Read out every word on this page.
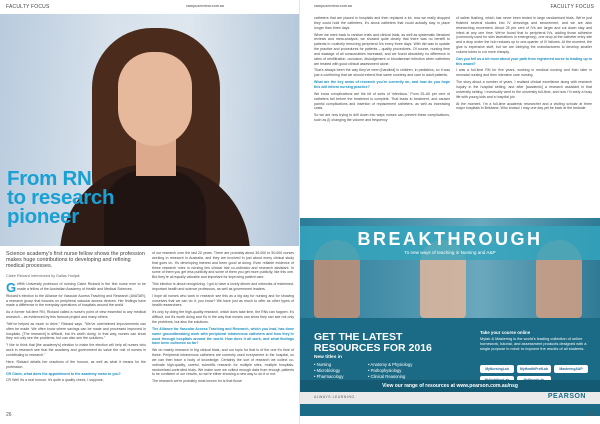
FACULTY FOCUS	campusreview.com.au
From RN
to research
pioneer
Science academy's first nurse fellow shows the profession makes huge contributions to developing and refining medical processes.
Claire Rickard interviewed by Dallas Hodjak

Griffith University professor of nursing Claire Rickard is the first nurse ever to be made a fellow of the Australian Academy of Health and Medical Sciences.

Rickard's election to the Alliance for Vascular Access Teaching and Research (AVATAR), a research group that focuses on peripheral vascular access devices. Her findings have made a difference in the everyday operations of hospitals around the world.

As a former full-time RN, Rickard called a nurse's point of view essential to any medical research – as evidenced by this famous project and many others.

"We’ve helped as much to drive," Rickard says. "We’ve overhelmed improvements can often be made. We often know where savings can be made and processes improved in hospitals. [The research] is difficult, but it's worth doing. In that way, nurses can show they not only see the problems, but can also see the solutions."

"I like to think that [the academy’s] election to make the election will help all nurses who work in research see that the academy and government do value the role of nurses in contributing to research."

Here, Rickard details her reactions of the honour, as well as what it means for the profession.

CR Claire, what does the appointment to the academy mean to you?

CR Well it's a real honour. It's quite a quality check, I suppose,

of our research over the last 20 years. There are probably about 30,000 to 50,000 nurses working in research in Australia, and they are involved in just about every clinical study that goes on. It's developing interest and been good at doing. Even reliable evidence of these research roles in nursing lies clinical trial co-ordinator and research assistant. In some of them you get less publicity and some of them you get more publicity, like this one. But they're all equally valuable and important for improving patient care.

This election is about recognizing. I got to have a lovely dinner and networks of esteemed, important health and science professors, as well as government leaders.

I hope all nurses who work in research see this as a big day for nursing and for showing ourselves that we can do it, you know? We have just as much to offer as other types of health researchers.

It's only by doing the high-quality research, which does take time, the RNs can happen. It's difficult, but it's worth doing and it's in the way that nurses can show they can see not only the problems, but also the solutions.

The Alliance for Vascular Access Teaching and Research, which you lead, has done some groundbreaking work with peripheral intravenous catheters and how they’re used through hospitals around the world. How does it all work, and what findings have been collected so far?

We do mainly research in big clinical trials, and our topic for that is of the one it's time of these. Peripheral intravenous catheters are currently used everywhere in the hospital, so we can then trace a body of knowledge. Certainly the sort of research we collect co-ordinate high-quality, careful, scientific research for multiple sites, multiple hospitals, randomised-controlled trials. We make sure we collect enough data from enough patients to be confident of our results, so we're either showing a new way to do it or not.

The research we're probably most known for is that those

26
campusreview.com.au	FACULTY FOCUS

catheters that are placed in hospitals and then replaced a lot, now we really dropped they could hold the catheters, it's about catheters that could actually stay in place longer than three days.

When we went back to random trials and clinical trials, as well as systematic literature reviews and meta-analysis, we showed quite clearly that there was no benefit to patients in routinely removing peripheral IVs every three days. With did was to update the practice and procedures for patients – quality procedures. Of course, nursing time and wastage of all consumables increased, and we found absolutely no difference in rates of reinfiltration, occlusion, dislodgement or bloodstream infection when catheters are treated with good clinical assessment alone.

That's always been the way they’ve been [handled] in children, in pediatrics, so it was just a confirming that we should extend that same courtesy and care to adult patients.

What are the key areas of research you’re currently on, and how do you hope this will inform nursing practice?

We know complications are the bit of sorts of 'infectious.' From 25–60 per cent of catheters fail before the treatment is complete. That leads to treatment, and causes painful complications and insertion of replacement catheters, as well as increasing costs.

So we are now trying to drill down into ways nurses can prevent these complications, such as (i) changing the volume and frequency

of saline flushing, which has never been tested in large randomised trials. We’re just finished several studies into IV dressings and securement, and we are also researching movement. About 25 per cent of IVs are larger and cut down stay and infect at any one time. We've found that to peripheral IVs, adding those adhesive (commonly used for skin lacerations in emergency), one drop at the catheter entry site and a drop under the hub reduces up to one-quarter of IV failures. At the moment, the glue is expensive stuff, but we are lobbying the manufacturers to develop smaller volume tubes to cut more cheaply.

Can you tell us a bit more about your path from registered nurse to leading up to this award?

I was a full-time RN for five years, working in medical nursing and then later in neonatal nursing and then intensive care nursing.

The story about a number of years, I realised clinical excellence along with research inquiry in the hospital setting, and after [academic] a research assistant in that university setting. I eventually went to the university full-time, and now I’ll rarely a busy life with young kids and a hospital job.

At the moment, I’m a full-time academic researcher and a visiting scholar at three major hospitals in Brisbane. Who knows! I may one day yet be back at the bedside.

BREAKTHROUGH
To new ways of teaching in Nursing and A&P
GET THE LATEST
RESOURCES FOR 2016
New titles in
• Nursing
• Microbiology
• Pharmacology
•
• Anatomy & Physiology
• Pathophysiology
• Clinical Reasoning
Take your course online
Mylab & Mastering is the world's leading collection of online homework, tutorial, and assessment products designed with a single purpose in mind: to improve the results of all students.
MyNursingLab	MyHealthProfLab	MasteringA&P
View our range of resources at www.pearson.com.au/nsg
ALWAYS LEARNING	PEARSON
27
